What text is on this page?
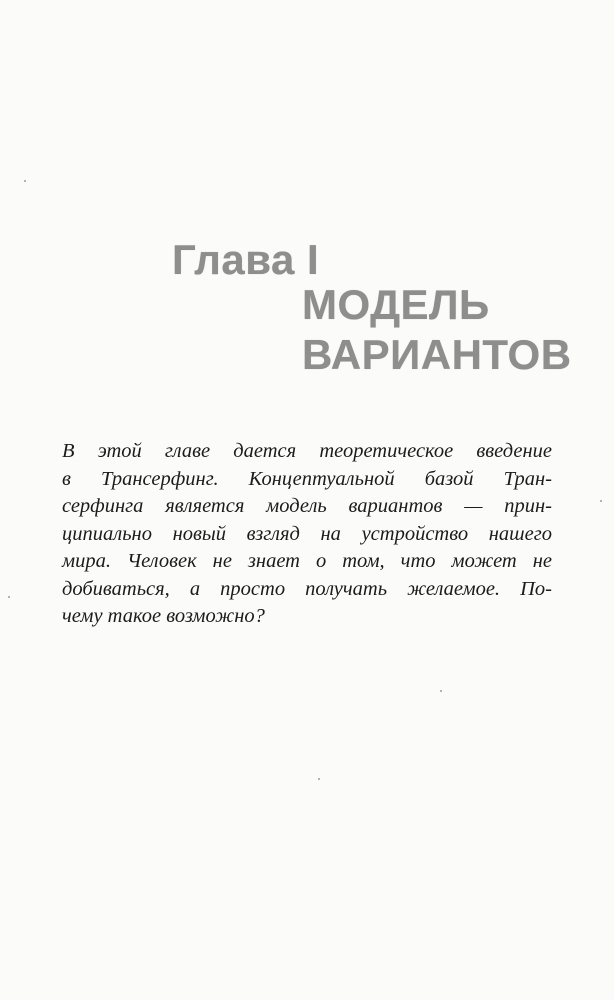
Глава I
МОДЕЛЬ
ВАРИАНТОВ

В этой главе дается теоретическое введение
в Трансерфинг. Концептуальной базой Тран-
серфинга является модель вариантов — прин-
ципиально новый взгляд на устройство нашего
мира. Человек не знает о том, что может не
добиваться, а просто получать желаемое. По-
чему такое возможно?
